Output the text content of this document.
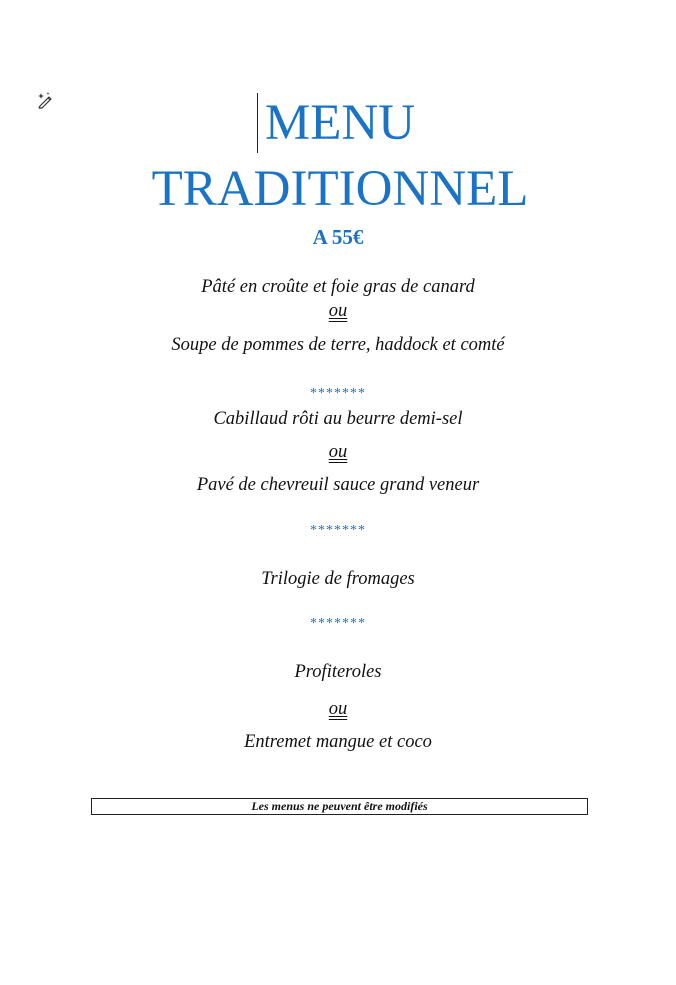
MENU
TRADITIONNEL
A 55€
Pâté en croûte et foie gras de canard
ou
Soupe de pommes de terre, haddock et comté
*******
Cabillaud rôti au beurre demi-sel
ou
Pavé de chevreuil sauce grand veneur
*******
Trilogie de fromages
*******
Profiteroles
ou
Entremet mangue et coco
Les menus ne peuvent être modifiés
